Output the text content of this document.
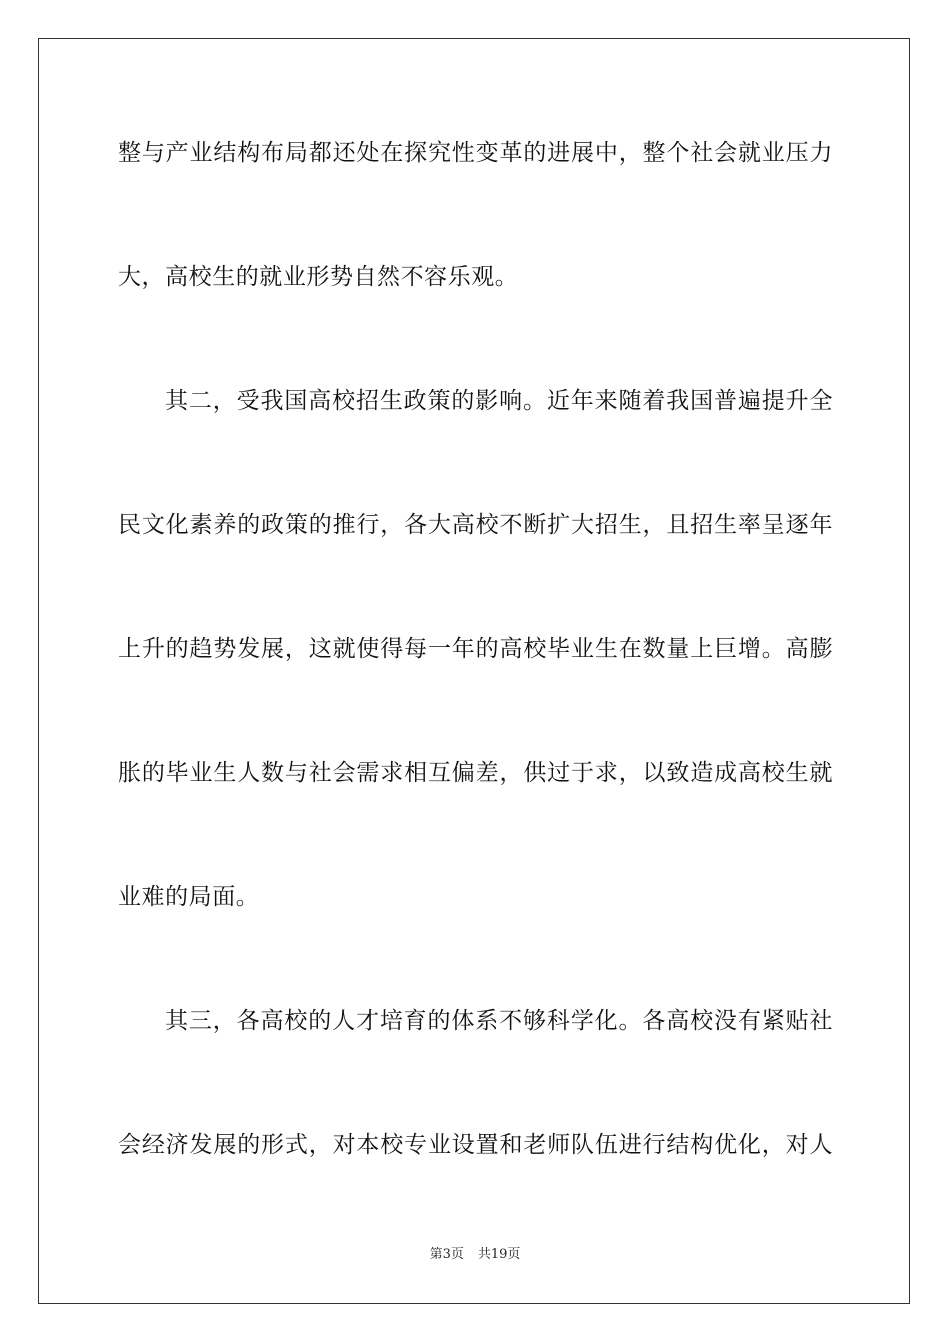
整与产业结构布局都还处在探究性变革的进展中，整个社会就业压力
大，高校生的就业形势自然不容乐观。
其二，受我国高校招生政策的影响。近年来随着我国普遍提升全
民文化素养的政策的推行，各大高校不断扩大招生，且招生率呈逐年
上升的趋势发展，这就使得每一年的高校毕业生在数量上巨增。高膨
胀的毕业生人数与社会需求相互偏差，供过于求，以致造成高校生就
业难的局面。
其三，各高校的人才培育的体系不够科学化。各高校没有紧贴社
会经济发展的形式，对本校专业设置和老师队伍进行结构优化，对人
第3页 共19页
